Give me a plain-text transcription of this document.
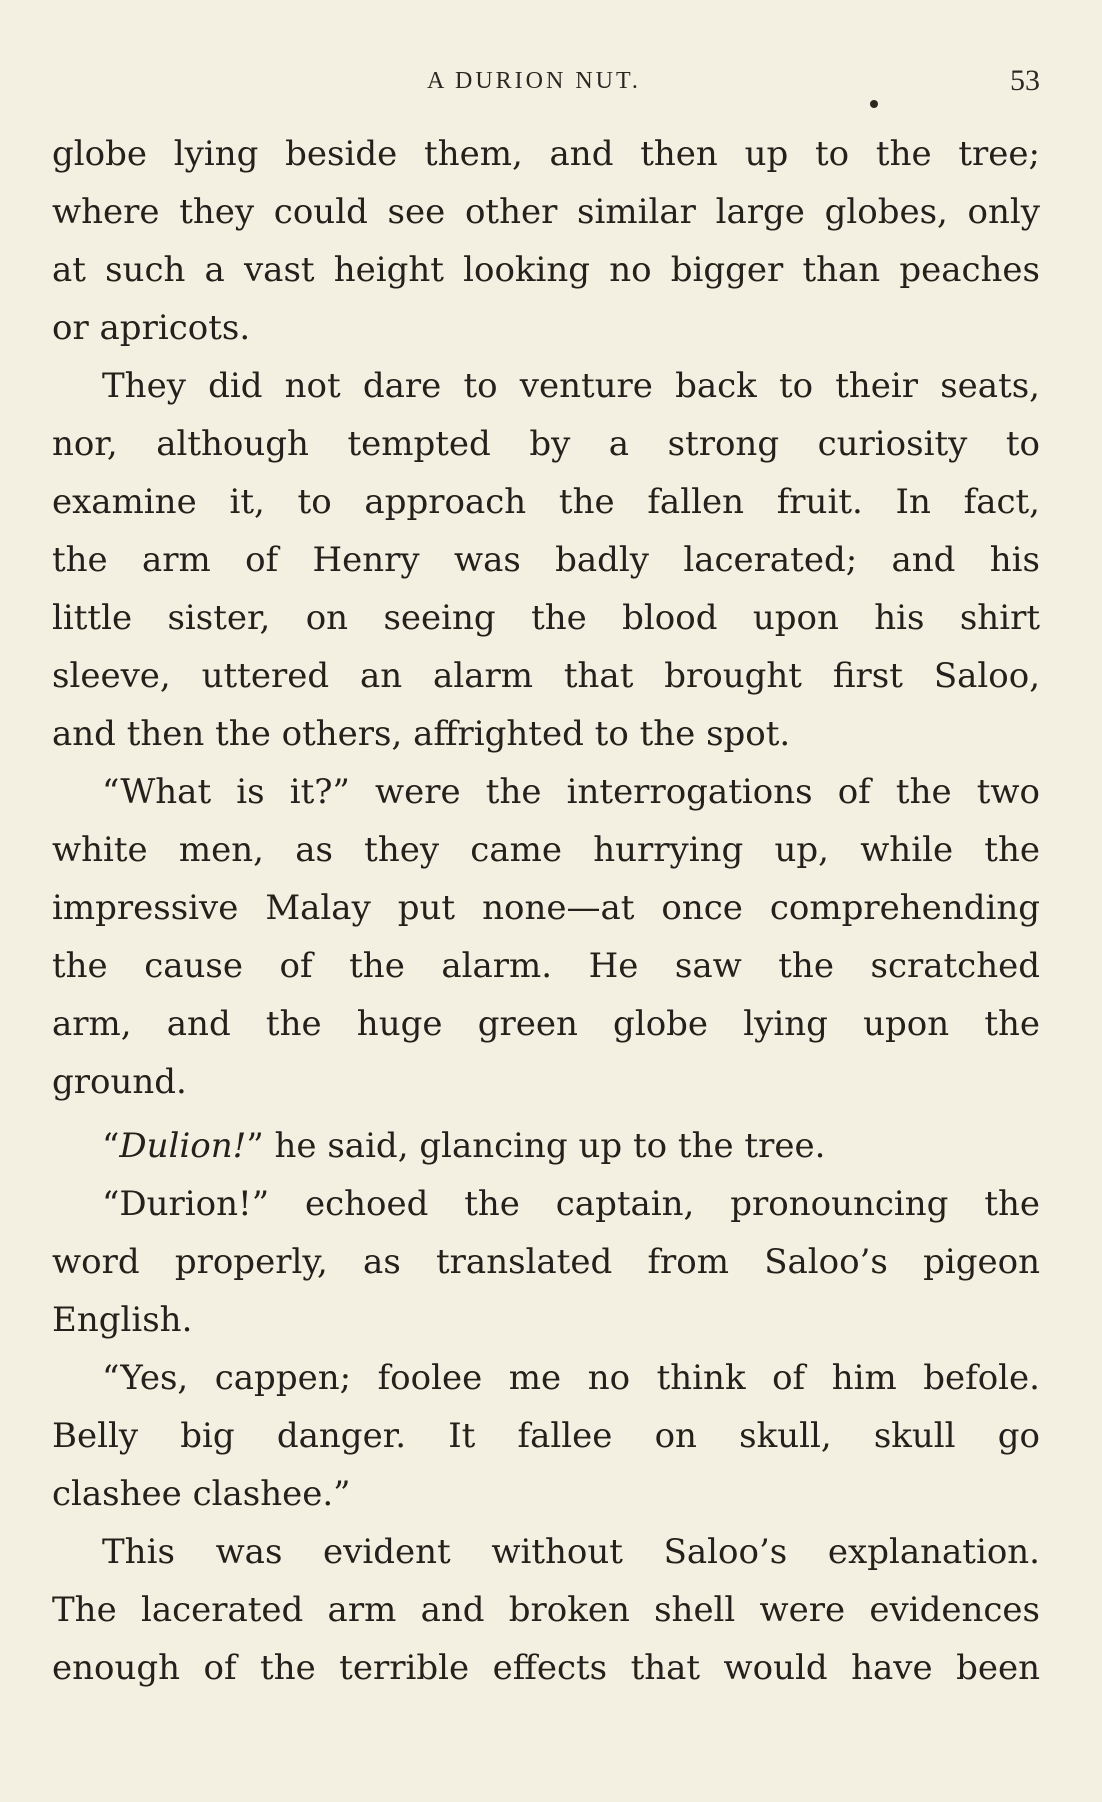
A DURION NUT.	53
globe lying beside them, and then up to the tree;
where they could see other similar large globes, only
at such a vast height looking no bigger than peaches
or apricots.
They did not dare to venture back to their seats,
nor, although tempted by a strong curiosity to
examine it, to approach the fallen fruit. In fact,
the arm of Henry was badly lacerated; and his
little sister, on seeing the blood upon his shirt
sleeve, uttered an alarm that brought first Saloo,
and then the others, affrighted to the spot.
“What is it?” were the interrogations of the two
white men, as they came hurrying up, while the
impressive Malay put none—at once comprehending
the cause of the alarm. He saw the scratched
arm, and the huge green globe lying upon the
ground.
“Dulion!” he said, glancing up to the tree.
“Durion!” echoed the captain, pronouncing the
word properly, as translated from Saloo’s pigeon
English.
“Yes, cappen; foolee me no think of him befole.
Belly big danger. It fallee on skull, skull go
clashee clashee.”
This was evident without Saloo’s explanation.
The lacerated arm and broken shell were evidences
enough of the terrible effects that would have been
